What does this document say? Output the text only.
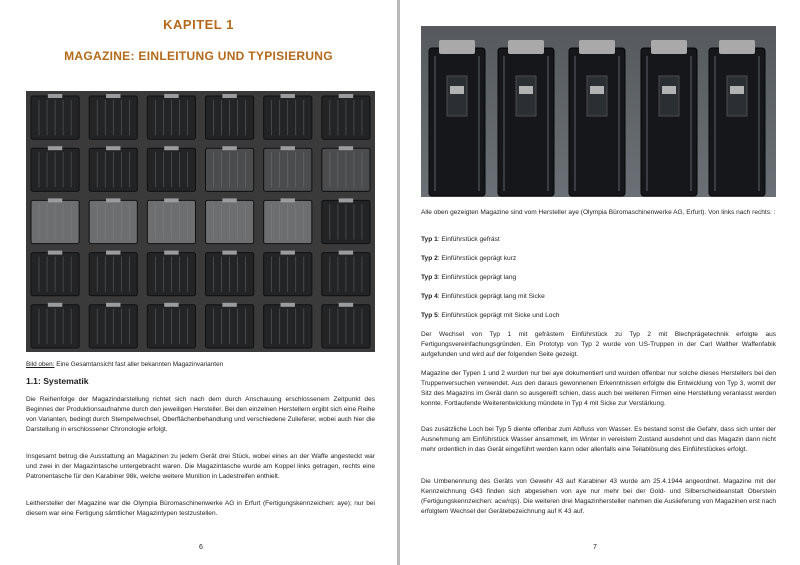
KAPITEL 1
MAGAZINE: EINLEITUNG UND TYPISIERUNG
Bild oben: Eine Gesamtansicht fast aller bekannten Magazinvarianten
1.1: Systematik
Die Reihenfolge der Magazindarstellung richtet sich nach dem durch Anschauung erschlossenem Zeitpunkt des Beginnes der Produktionsaufnahme durch den jeweiligen Hersteller. Bei den einzelnen Herstellern ergibt sich eine Reihe von Varianten, bedingt durch Stempelwechsel, Oberflächenbehandlung und verschiedene Zulieferer, wobei auch hier die Darstellung in erschlossener Chronologie erfolgt.
Insgesamt betrug die Ausstattung an Magazinen zu jedem Gerät drei Stück, wobei eines an der Waffe angesteckt war und zwei in der Magazintasche untergebracht waren. Die Magazintasche wurde am Koppel links getragen, rechts eine Patronentasche für den Karabiner 98k, welche weitere Munition in Ladestreifen enthielt.
Leithersteller der Magazine war die Olympia Büromaschinenwerke AG in Erfurt (Fertigungskennzeichen: aye); nur bei diesem war eine Fertigung sämtlicher Magazintypen testzustellen.
6
Alle oben gezeigten Magazine sind vom Hersteller aye (Olympia Büromaschinenwerke AG, Erfurt). Von links nach rechts: :
Typ 1: Einführstück gefräst
Typ 2: Einführstück geprägt kurz
Typ 3: Einführstück geprägt lang
Typ 4: Einführstück geprägt lang mit Sicke
Typ 5: Einführstück geprägt mit Sicke und Loch
Der Wechsel von Typ 1 mit gefrästem Einführstück zu Typ 2 mit Blechprägetechnik erfolgte aus Fertigungsvereinfachungsgründen. Ein Prototyp von Typ 2 wurde von US-Truppen in der Carl Walther Waffenfabik aufgefunden und wird auf der folgenden Seite gezeigt.
Magazine der Typen 1 und 2 wurden nur bei aye dokumentiert und wurden offenbar nur solche dieses Herstellers bei den Truppenversuchen verwendet. Aus den daraus gewonnenen Erkenntnissen erfolgte die Entwicklung von Typ 3, womit der Sitz des Magazins im Gerät dann so ausgereift schien, dass auch bei weiteren Firmen eine Herstellung veranlasst werden konnte. Fortlaufende Weiterentwicklung mündete in Typ 4 mit Sicke zur Verstärkung.
Das zusätzliche Loch bei Typ 5 diente offenbar zum Abfluss von Wasser. Es bestand sonst die Gefahr, dass sich unter der Ausnehmung am Einführstück Wasser ansammelt, im Winter in vereistem Zustand ausdehnt und das Magazin dann nicht mehr ordentlich in das Gerät eingeführt werden kann oder allenfalls eine Teilablösung des Einführstückes erfolgt.
Die Umbenennung des Geräts von Gewehr 43 auf Karabiner 43 wurde am 25.4.1944 angeordnet. Magazine mit der Kennzeichnung G43 finden sich abgesehen von aye nur mehr bei der Gold- und Silberscheideanstalt Oberstein (Fertigungskennzeichen: acw/rqs). Die weiteren drei Magazinhersteller nahmen die Ausiieferung von Magazinen erst nach erfolgtem Wechsel der Gerätebezeichnung auf K 43 auf.
7
